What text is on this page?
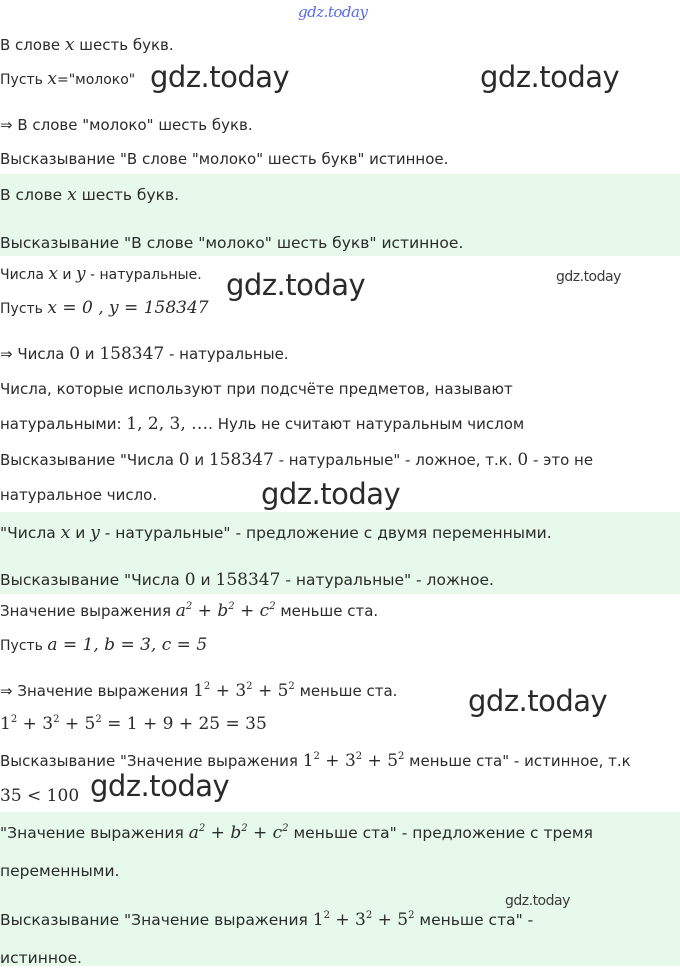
gdz.today
gdz.today	gdz.today
gdz.today	gdz.today
gdz.today
gdz.today
gdz.today
В слове x шесть букв.
Пусть x="молоко"
⇒ В слове "молоко" шесть букв.
Высказывание "В слове "молоко" шесть букв" истинное.
В слове x шесть букв.
Высказывание "В слове "молоко" шесть букв" истинное.
Числа x и y - натуральные.
Пусть x = 0 , y = 158347
⇒ Числа 0 и 158347 - натуральные.
Числа, которые используют при подсчёте предметов, называют
натуральными: 1, 2, 3, …. Нуль не считают натуральным числом
Высказывание "Числа 0 и 158347 - натуральные" - ложное, т.к. 0 - это не
натуральное число.
"Числа x и y - натуральные" - предложение с двумя переменными.
Высказывание "Числа 0 и 158347 - натуральные" - ложное.
Значение выражения $a^2 + b^2 + c^2$ меньше ста.
Пусть a = 1, b = 3, c = 5
⇒ Значение выражения $1^2 + 3^2 + 5^2$ меньше ста.
$1^2 + 3^2 + 5^2 = 1 + 9 + 25 = 35$
Высказывание "Значение выражения $1^2 + 3^2 + 5^2$ меньше ста" - истинное, т.к
35 < 100
"Значение выражения $a^2 + b^2 + c^2$ меньше ста" - предложение с тремя
переменными.
Высказывание "Значение выражения $1^2 + 3^2 + 5^2$ меньше ста" -
истинное.
gdz.today
